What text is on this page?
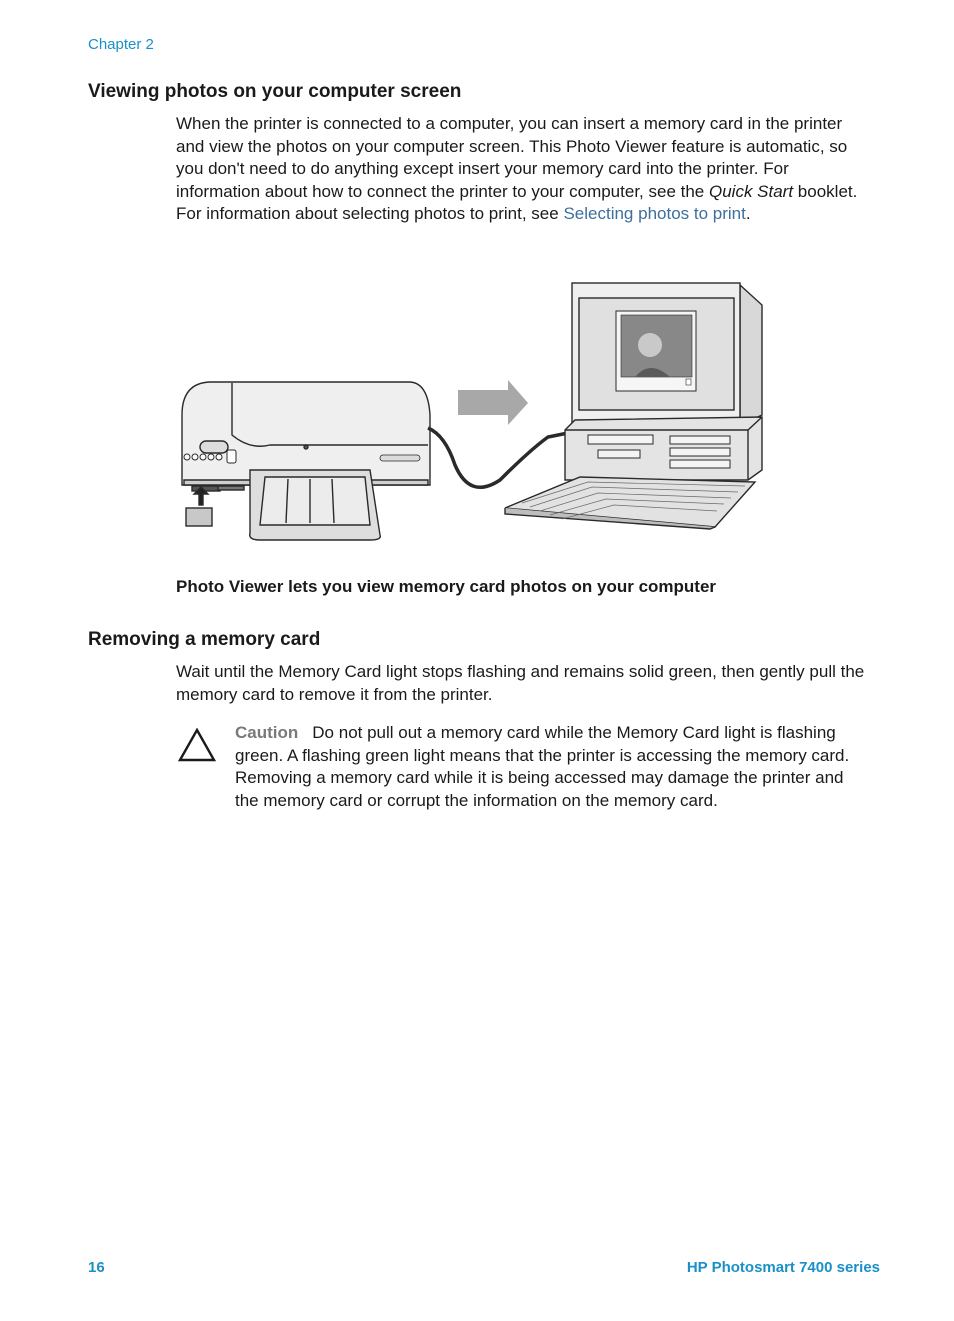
Chapter 2
Viewing photos on your computer screen
When the printer is connected to a computer, you can insert a memory card in the printer and view the photos on your computer screen. This Photo Viewer feature is automatic, so you don't need to do anything except insert your memory card into the printer. For information about how to connect the printer to your computer, see the Quick Start booklet. For information about selecting photos to print, see Selecting photos to print.
Photo Viewer lets you view memory card photos on your computer
Removing a memory card
Wait until the Memory Card light stops flashing and remains solid green, then gently pull the memory card to remove it from the printer.
Caution Do not pull out a memory card while the Memory Card light is flashing green. A flashing green light means that the printer is accessing the memory card. Removing a memory card while it is being accessed may damage the printer and the memory card or corrupt the information on the memory card.
16	HP Photosmart 7400 series
